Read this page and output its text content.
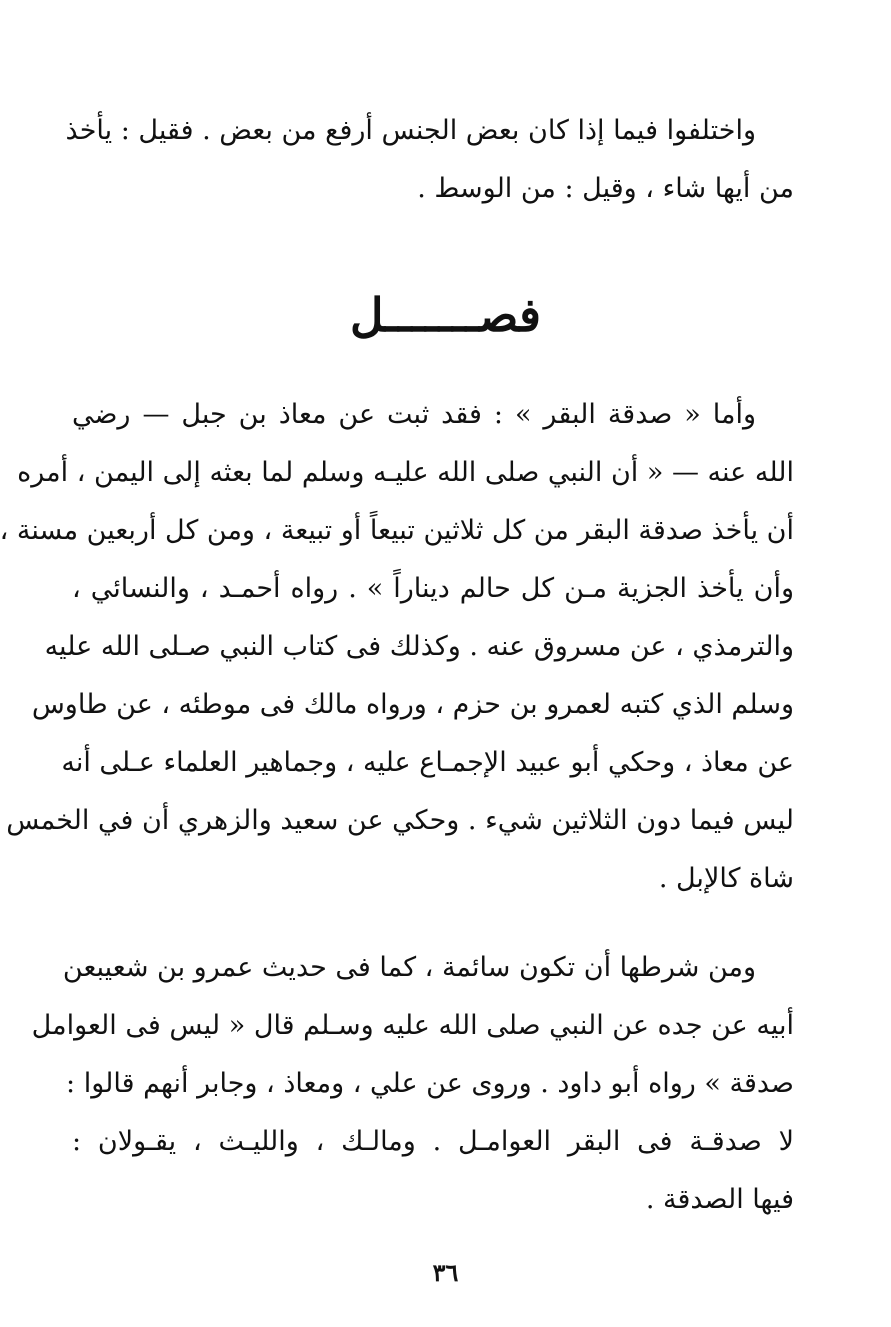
واختلفوا فيما إذا كان بعض الجنس أرفع من بعض . فقيل : يأخذ
من أيها شاء ، وقيل : من الوسط .
فصـــــــل
وأما « صدقة البقر » : فقد ثبت عن معاذ بن جبل — رضي
الله عنه — « أن النبي صلى الله عليـه وسلم لما بعثه إلى اليمن ، أمره
أن يأخذ صدقة البقر من كل ثلاثين تبيعاً أو تبيعة ، ومن كل أربعين مسنة ،
وأن يأخذ الجزية مـن كل حالم ديناراً » . رواه أحمـد ، والنسائي ،
والترمذي ، عن مسروق عنه . وكذلك فى كتاب النبي صـلى الله عليه
وسلم الذي كتبه لعمرو بن حزم ، ورواه مالك فى موطئه ، عن طاوس
عن معاذ ، وحكي أبو عبيد الإجمـاع عليه ، وجماهير العلماء عـلى أنه
ليس فيما دون الثلاثين شيء . وحكي عن سعيد والزهري أن في الخمس
شاة كالإبل .
ومن شرطها أن تكون سائمة ، كما فى حديث عمرو بن شعيبعن
أبيه عن جده عن النبي صلى الله عليه وسـلم قال « ليس فى العوامل
صدقة » رواه أبو داود . وروى عن علي ، ومعاذ ، وجابر أنهم قالوا :
لا صدقـة فى البقر العوامـل . ومالـك ، والليـث ، يقـولان :
فيها الصدقة .
٣٦
